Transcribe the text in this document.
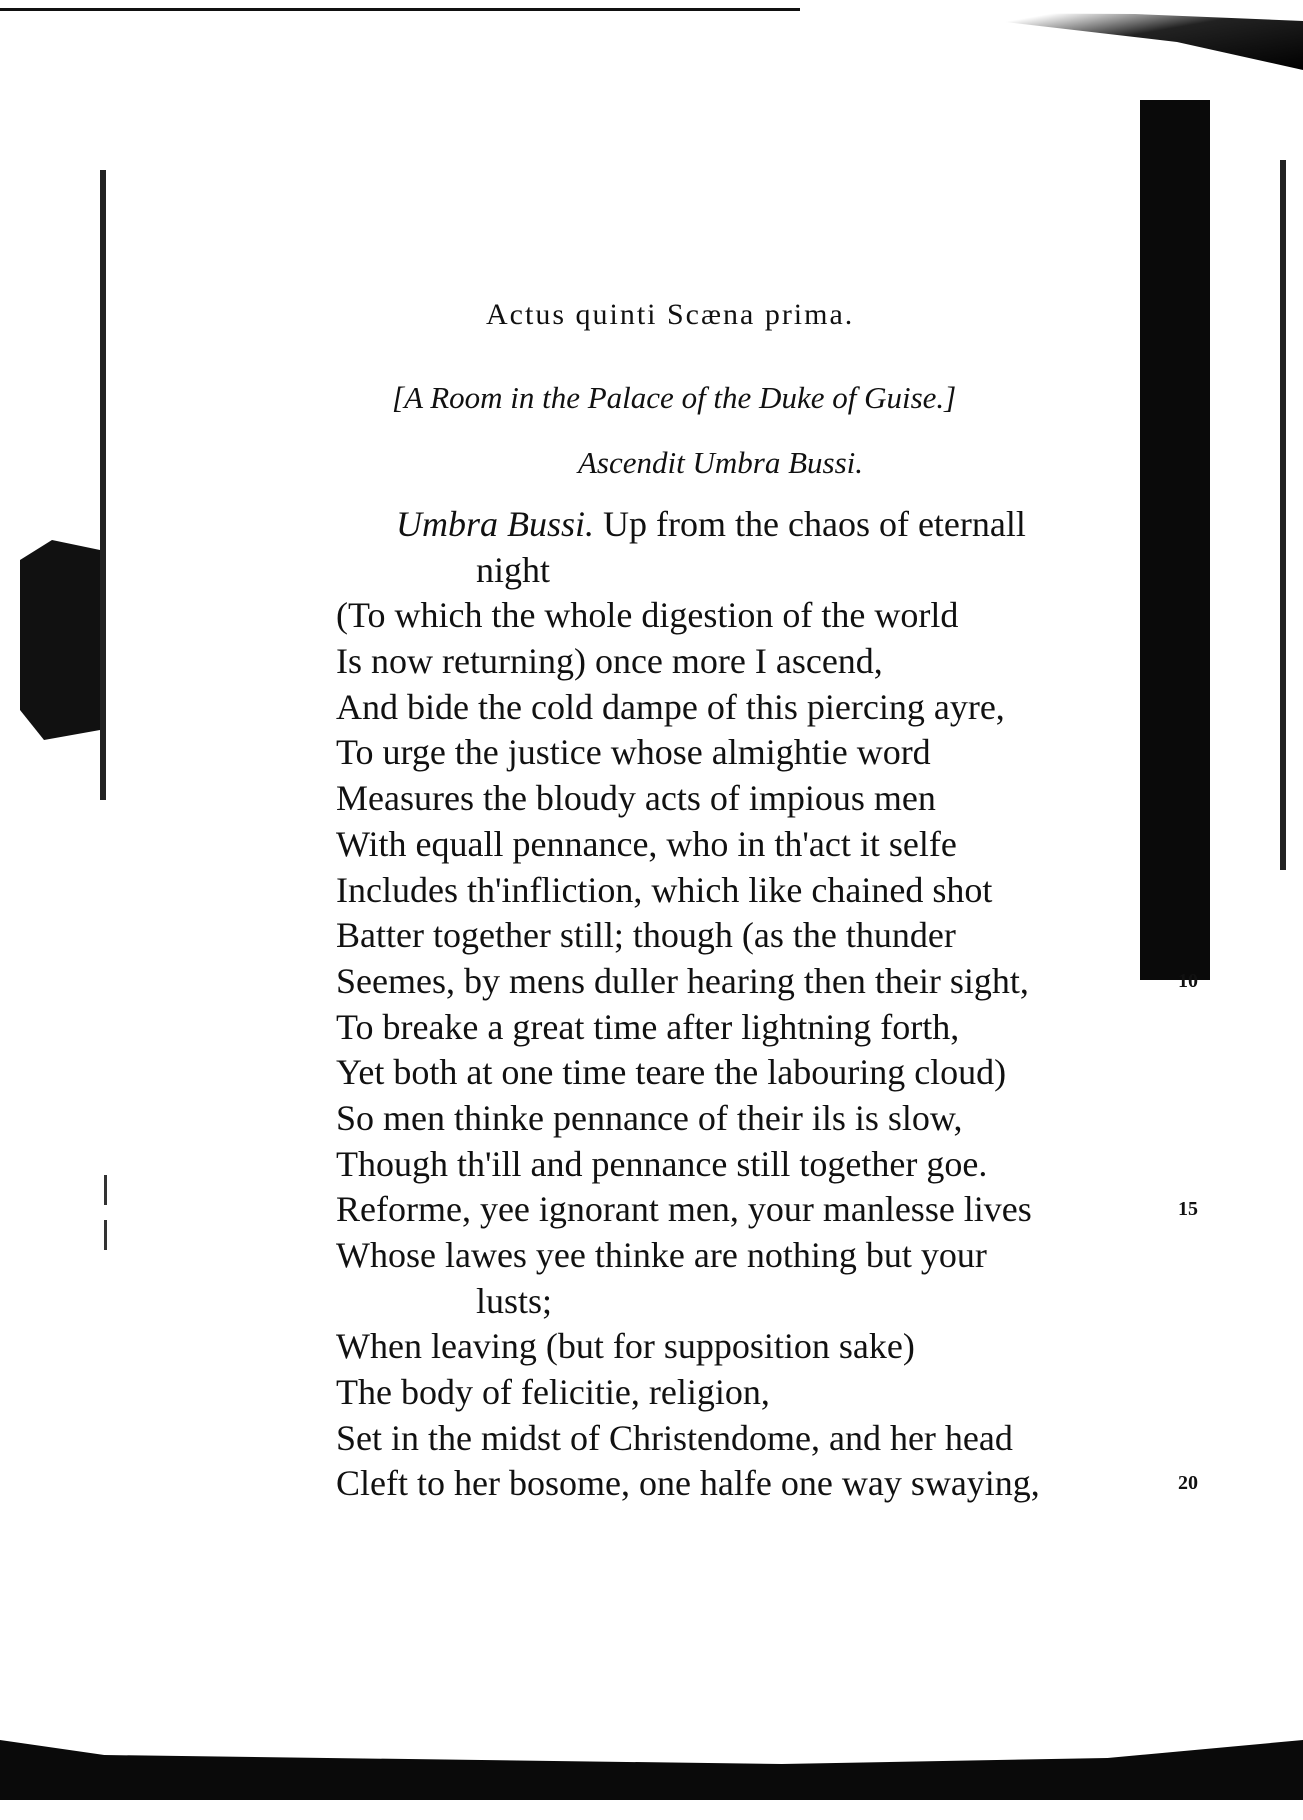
Actus quinti Scæna prima.
[A Room in the Palace of the Duke of Guise.]
Ascendit Umbra Bussi.
Umbra Bussi. Up from the chaos of eternall
night
(To which the whole digestion of the world
Is now returning) once more I ascend,
And bide the cold dampe of this piercing ayre,
To urge the justice whose almightie word
Measures the bloudy acts of impious men
With equall pennance, who in th'act it selfe
Includes th'infliction, which like chained shot
Batter together still; though (as the thunder
Seemes, by mens duller hearing then their sight,	10
To breake a great time after lightning forth,
Yet both at one time teare the labouring cloud)
So men thinke pennance of their ils is slow,
Though th'ill and pennance still together goe.
Reforme, yee ignorant men, your manlesse lives	15
Whose lawes yee thinke are nothing but your
lusts;
When leaving (but for supposition sake)
The body of felicitie, religion,
Set in the midst of Christendome, and her head
Cleft to her bosome, one halfe one way swaying,	20
